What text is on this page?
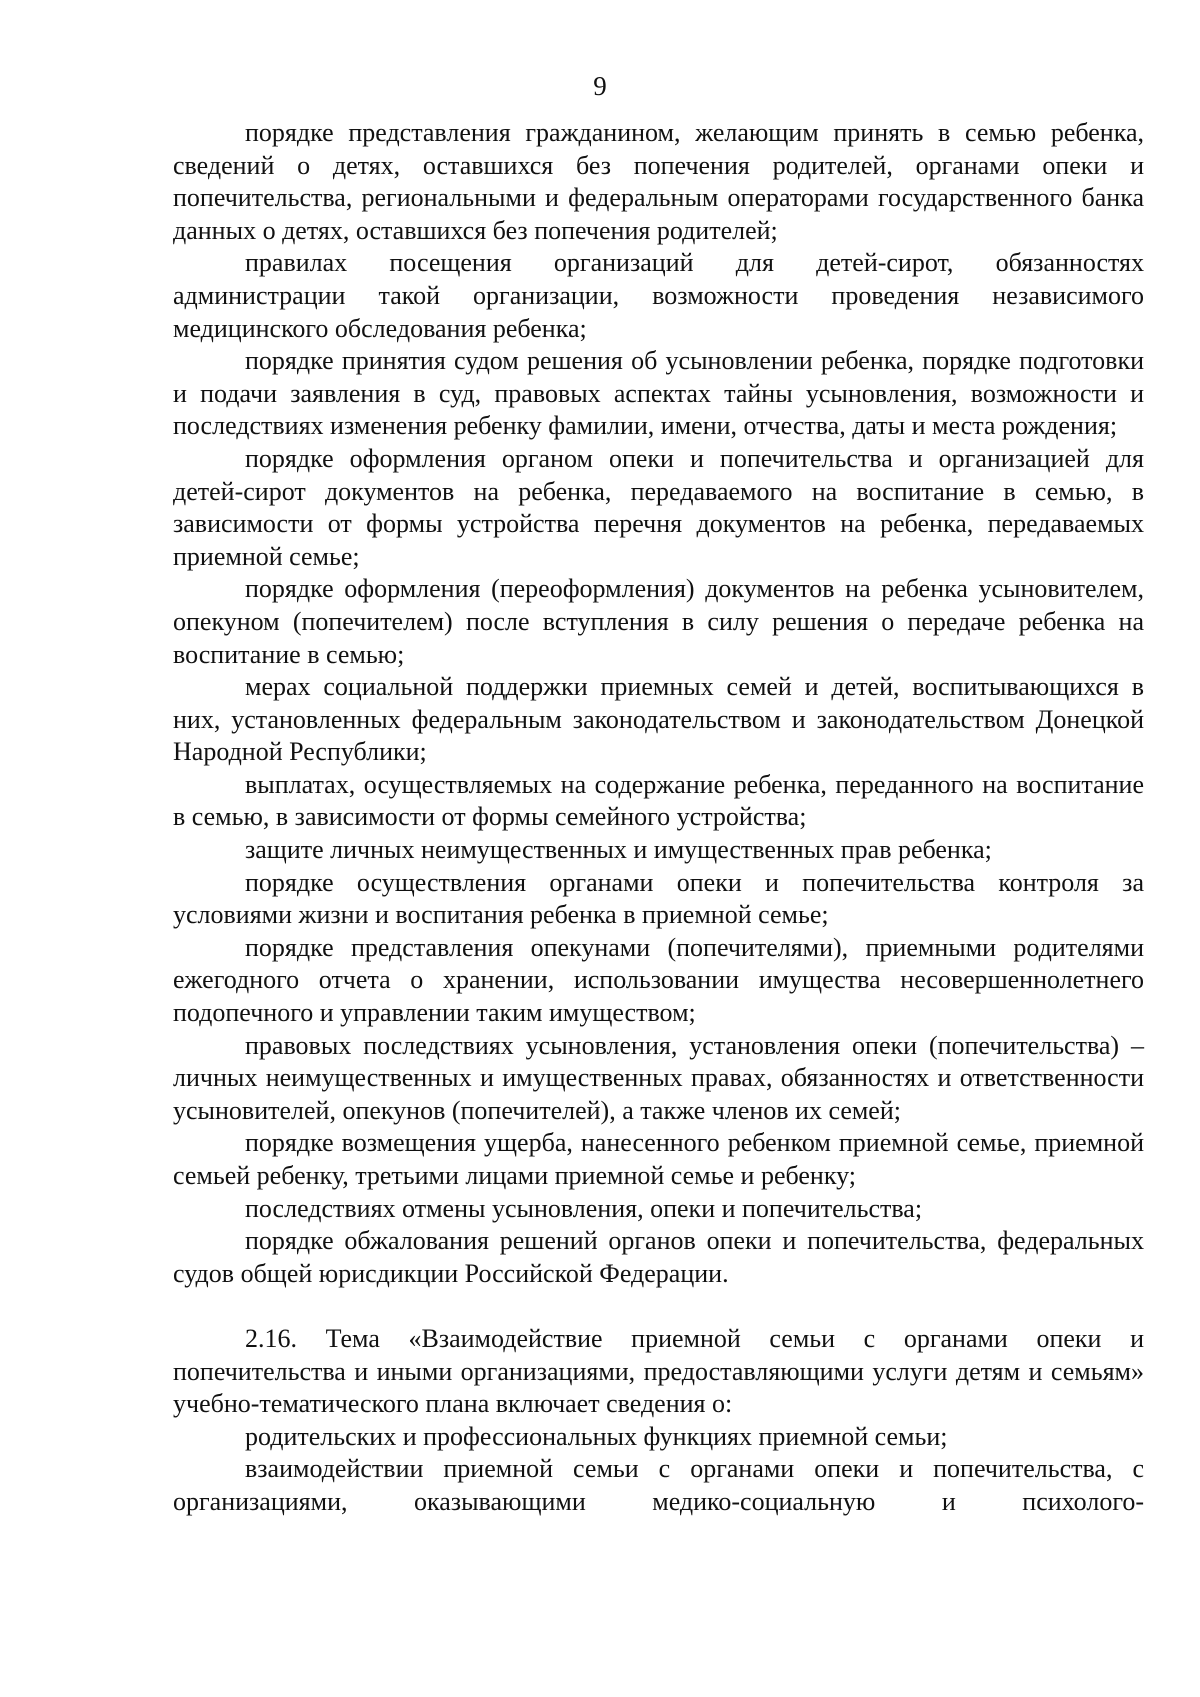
9

порядке представления гражданином, желающим принять в семью ребенка, сведений о детях, оставшихся без попечения родителей, органами опеки и попечительства, региональными и федеральным операторами государственного банка данных о детях, оставшихся без попечения родителей;

правилах посещения организаций для детей-сирот, обязанностях администрации такой организации, возможности проведения независимого медицинского обследования ребенка;

порядке принятия судом решения об усыновлении ребенка, порядке подготовки и подачи заявления в суд, правовых аспектах тайны усыновления, возможности и последствиях изменения ребенку фамилии, имени, отчества, даты и места рождения;

порядке оформления органом опеки и попечительства и организацией для детей-сирот документов на ребенка, передаваемого на воспитание в семью, в зависимости от формы устройства перечня документов на ребенка, передаваемых приемной семье;

порядке оформления (переоформления) документов на ребенка усыновителем, опекуном (попечителем) после вступления в силу решения о передаче ребенка на воспитание в семью;

мерах социальной поддержки приемных семей и детей, воспитывающихся в них, установленных федеральным законодательством и законодательством Донецкой Народной Республики;

выплатах, осуществляемых на содержание ребенка, переданного на воспитание в семью, в зависимости от формы семейного устройства;

защите личных неимущественных и имущественных прав ребенка;

порядке осуществления органами опеки и попечительства контроля за условиями жизни и воспитания ребенка в приемной семье;

порядке представления опекунами (попечителями), приемными родителями ежегодного отчета о хранении, использовании имущества несовершеннолетнего подопечного и управлении таким имуществом;

правовых последствиях усыновления, установления опеки (попечительства) – личных неимущественных и имущественных правах, обязанностях и ответственности усыновителей, опекунов (попечителей), а также членов их семей;

порядке возмещения ущерба, нанесенного ребенком приемной семье, приемной семьей ребенку, третьими лицами приемной семье и ребенку;

последствиях отмены усыновления, опеки и попечительства;

порядке обжалования решений органов опеки и попечительства, федеральных судов общей юрисдикции Российской Федерации.

2.16. Тема «Взаимодействие приемной семьи с органами опеки и попечительства и иными организациями, предоставляющими услуги детям и семьям» учебно-тематического плана включает сведения о:

родительских и профессиональных функциях приемной семьи;

взаимодействии приемной семьи с органами опеки и попечительства, с организациями, оказывающими медико-социальную и психолого-
